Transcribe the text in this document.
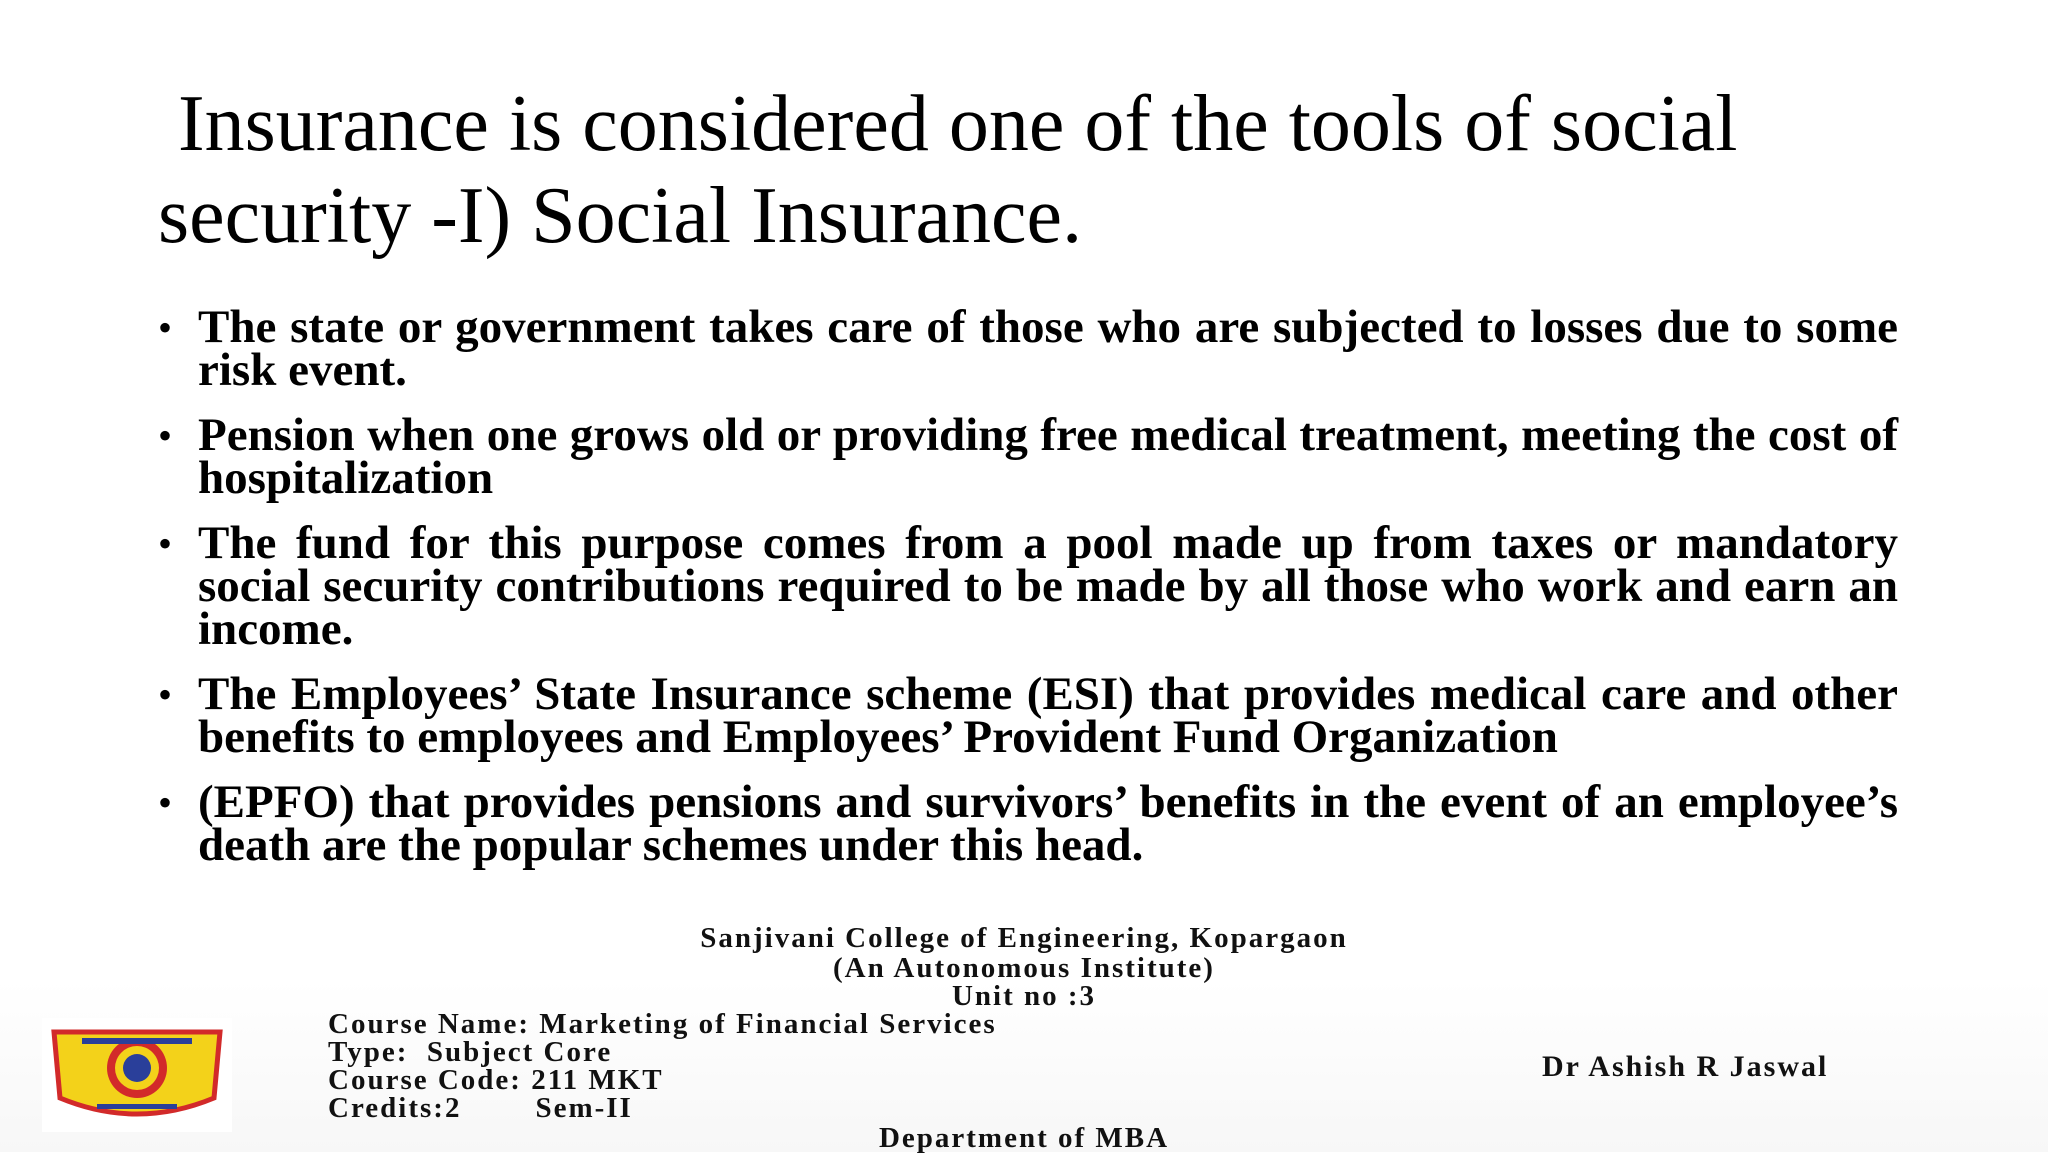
Insurance is considered one of the tools of social
security -I) Social Insurance.
• The state or government takes care of those who are subjected to losses due to some risk event.
• Pension when one grows old or providing free medical treatment, meeting the cost of hospitalization
• The fund for this purpose comes from a pool made up from taxes or mandatory social security contributions required to be made by all those who work and earn an income.
• The Employees’ State Insurance scheme (ESI) that provides medical care and other benefits to employees and Employees’ Provident Fund Organization
• (EPFO) that provides pensions and survivors’ benefits in the event of an employee’s death are the popular schemes under this head.
Sanjivani College of Engineering, Kopargaon
(An Autonomous Institute)
Unit no :3
Course Name: Marketing of Financial Services
Type:  Subject Core
Course Code: 211 MKT
Credits:2        Sem-II
Department of MBA
Dr Ashish R Jaswal
